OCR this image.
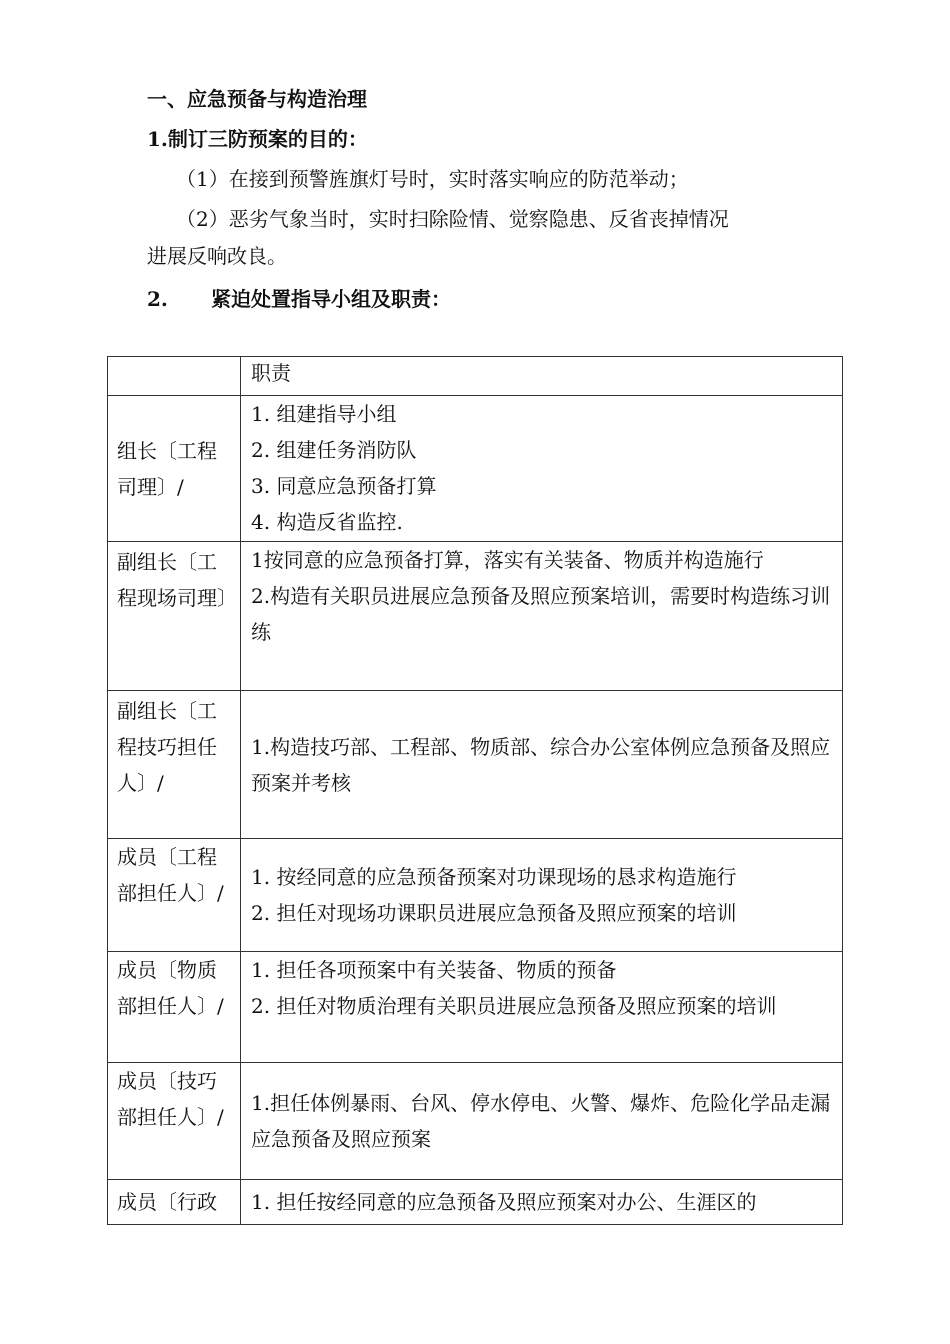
一、应急预备与构造治理
1.制订三防预案的目的：
（1）在接到预警旌旗灯号时，实时落实响应的防范举动；
（2）恶劣气象当时，实时扫除险情、觉察隐患、反省丧掉情况
进展反响改良。
2. 紧迫处置指导小组及职责：
	职责

组长〔工程司理〕/	1. 组建指导小组
2. 组建任务消防队
3. 同意应急预备打算
4. 构造反省监控.

副组长〔工程现场司理〕	1按同意的应急预备打算，落实有关装备、物质并构造施行
2.构造有关职员进展应急预备及照应预案培训，需要时构造练习训练

副组长〔工程技巧担任人〕/	1.构造技巧部、工程部、物质部、综合办公室体例应急预备及照应预案并考核

成员〔工程部担任人〕/	1. 按经同意的应急预备预案对功课现场的恳求构造施行
2. 担任对现场功课职员进展应急预备及照应预案的培训

成员〔物质部担任人〕/	1. 担任各项预案中有关装备、物质的预备
2. 担任对物质治理有关职员进展应急预备及照应预案的培训

成员〔技巧部担任人〕/	1.担任体例暴雨、台风、停水停电、火警、爆炸、危险化学品走漏应急预备及照应预案

成员〔行政	1. 担任按经同意的应急预备及照应预案对办公、生涯区的
